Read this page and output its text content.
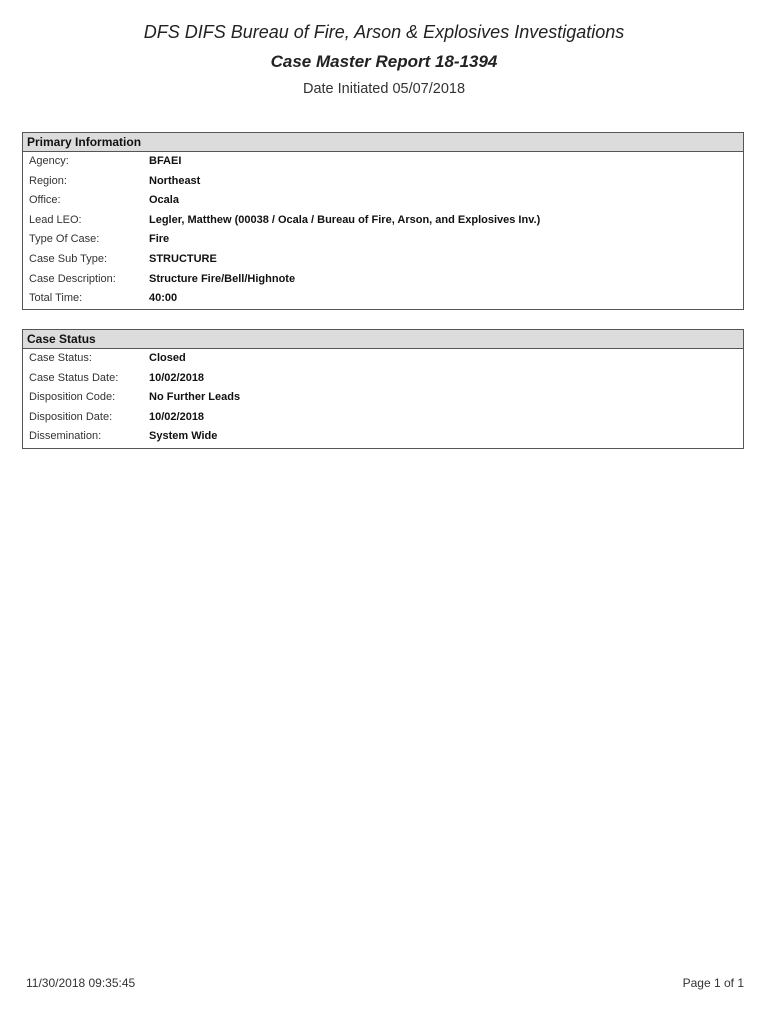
DFS DIFS Bureau of Fire, Arson & Explosives Investigations
Case Master Report 18-1394
Date Initiated 05/07/2018
Primary Information
Agency:	BFAEI
Region:	Northeast
Office:	Ocala
Lead LEO:	Legler, Matthew (00038 / Ocala / Bureau of Fire, Arson, and Explosives Inv.)
Type Of Case:	Fire
Case Sub Type:	STRUCTURE
Case Description:	Structure Fire/Bell/Highnote
Total Time:	40:00
Case Status
Case Status:	Closed
Case Status Date:	10/02/2018
Disposition Code:	No Further Leads
Disposition Date:	10/02/2018
Dissemination:	System Wide
11/30/2018 09:35:45	Page 1 of 1
